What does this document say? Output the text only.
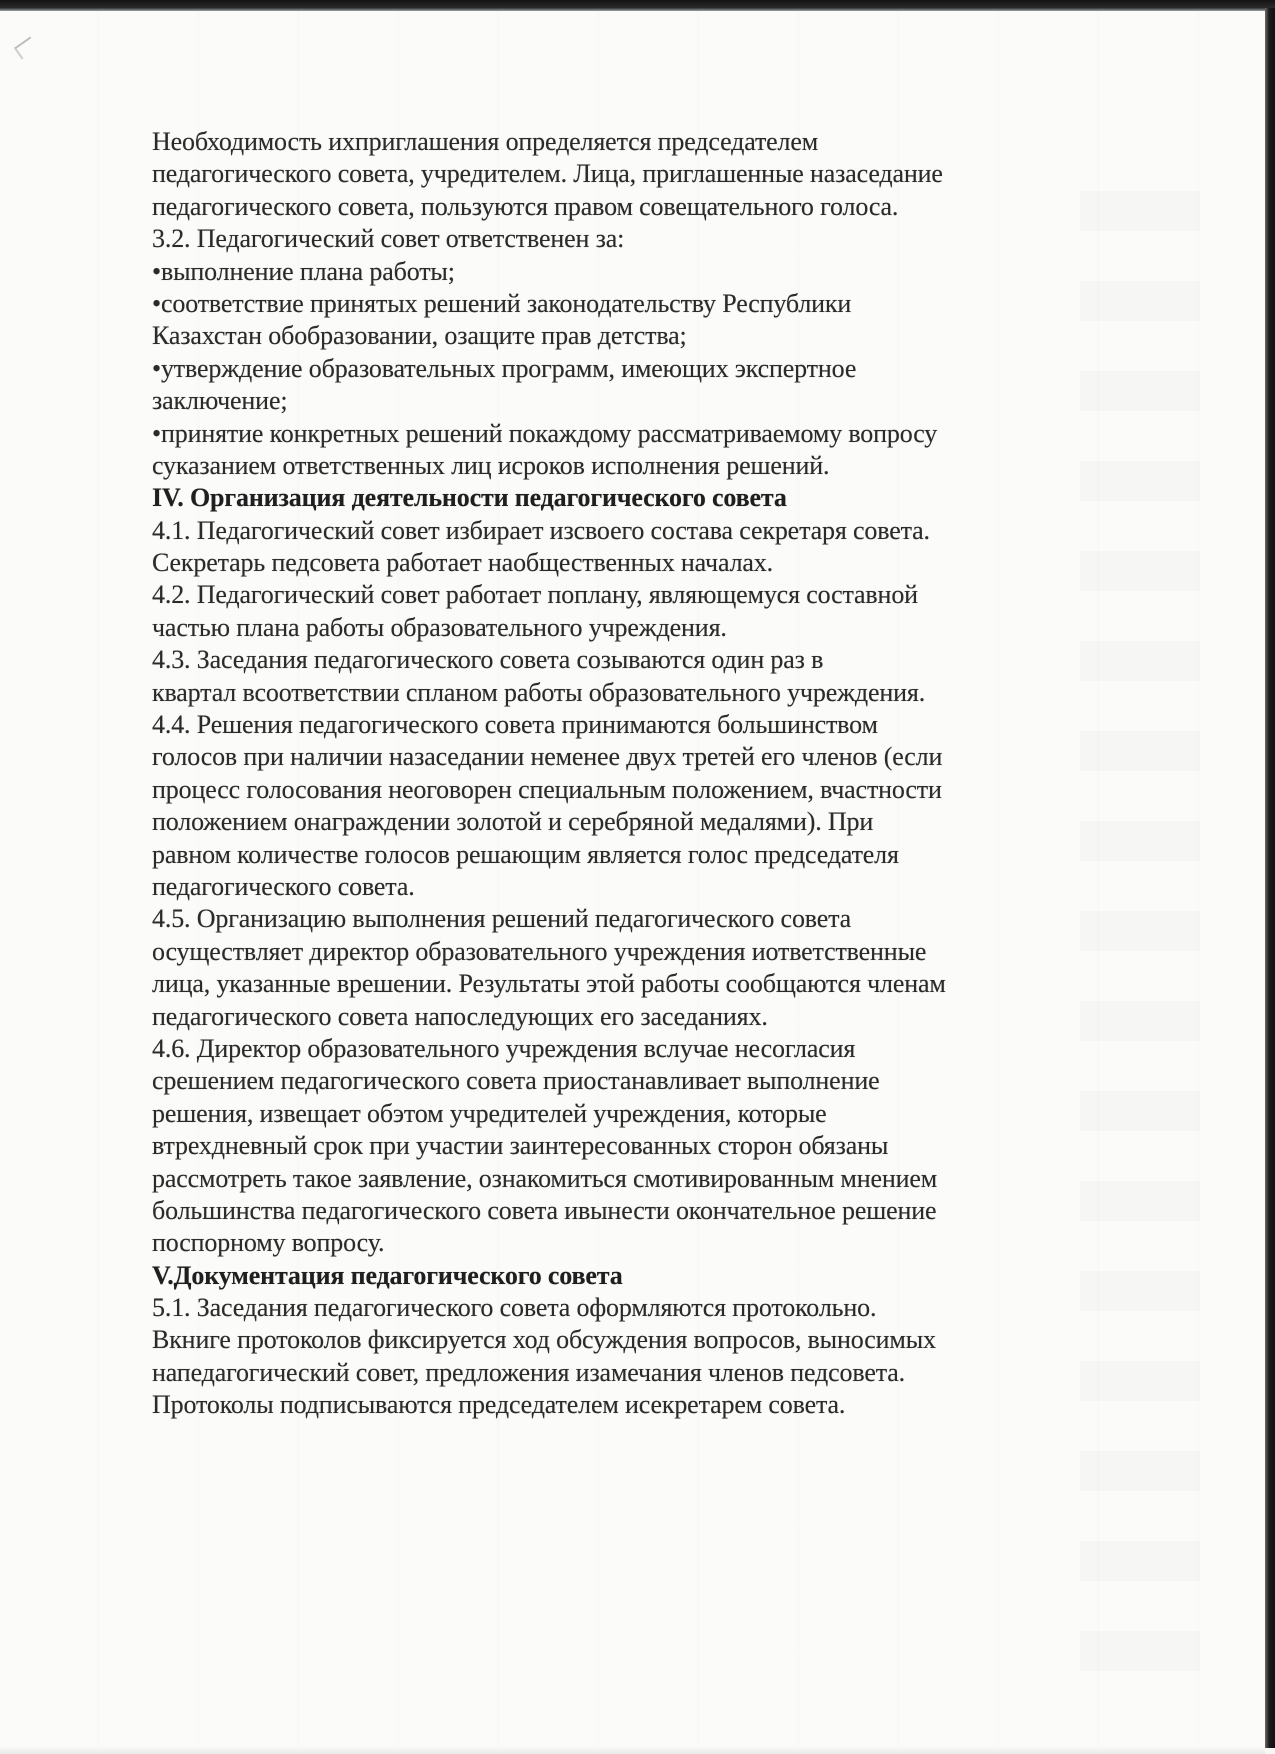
Необходимость ихприглашения определяется председателем
педагогического совета, учредителем. Лица, приглашенные назаседание
педагогического совета, пользуются правом совещательного голоса.
3.2. Педагогический совет ответственен за:
•выполнение плана работы;
•соответствие принятых решений законодательству Республики
Казахстан обобразовании, озащите прав детства;
•утверждение образовательных программ, имеющих экспертное
заключение;
•принятие конкретных решений покаждому рассматриваемому вопросу
суказанием ответственных лиц исроков исполнения решений.
IV. Организация деятельности педагогического совета
4.1. Педагогический совет избирает изсвоего состава секретаря совета.
Секретарь педсовета работает наобщественных началах.
4.2. Педагогический совет работает поплану, являющемуся составной
частью плана работы образовательного учреждения.
4.3. Заседания педагогического совета созываются один раз в
квартал всоответствии спланом работы образовательного учреждения.
4.4. Решения педагогического совета принимаются большинством
голосов при наличии назаседании неменее двух третей его членов (если
процесс голосования неоговорен специальным положением, вчастности
положением онаграждении золотой и серебряной медалями). При
равном количестве голосов решающим является голос председателя
педагогического совета.
4.5. Организацию выполнения решений педагогического совета
осуществляет директор образовательного учреждения иответственные
лица, указанные врешении. Результаты этой работы сообщаются членам
педагогического совета напоследующих его заседаниях.
4.6. Директор образовательного учреждения вслучае несогласия
срешением педагогического совета приостанавливает выполнение
решения, извещает обэтом учредителей учреждения, которые
втрехдневный срок при участии заинтересованных сторон обязаны
рассмотреть такое заявление, ознакомиться смотивированным мнением
большинства педагогического совета ивынести окончательное решение
поспорному вопросу.
V.Документация педагогического совета
5.1. Заседания педагогического совета оформляются протокольно.
Вкниге протоколов фиксируется ход обсуждения вопросов, выносимых
напедагогический совет, предложения изамечания членов педсовета.
Протоколы подписываются председателем исекретарем совета.
